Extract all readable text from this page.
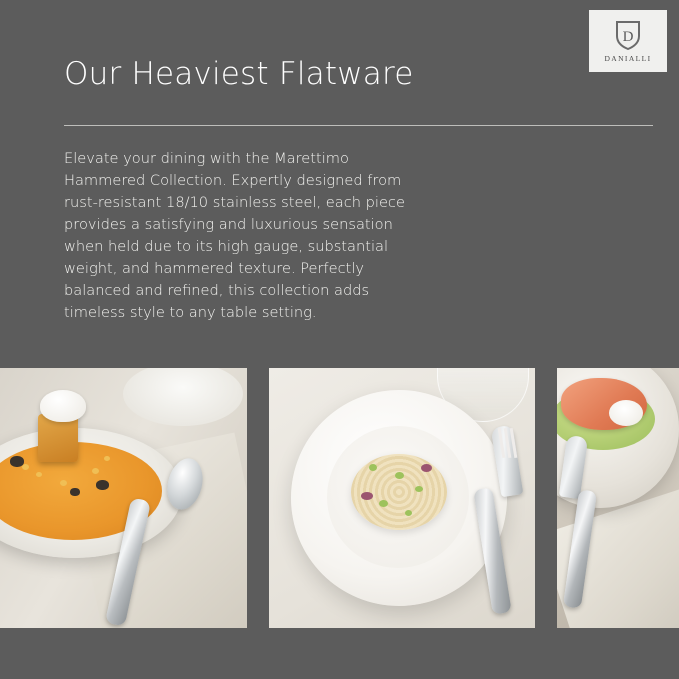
D
DANIALLI
Our Heaviest Flatware

Elevate your dining with the Marettimo Hammered Collection. Expertly designed from rust-resistant 18/10 stainless steel, each piece provides a satisfying and luxurious sensation when held due to its high gauge, substantial weight, and hammered texture. Perfectly balanced and refined, this collection adds timeless style to any table setting.
